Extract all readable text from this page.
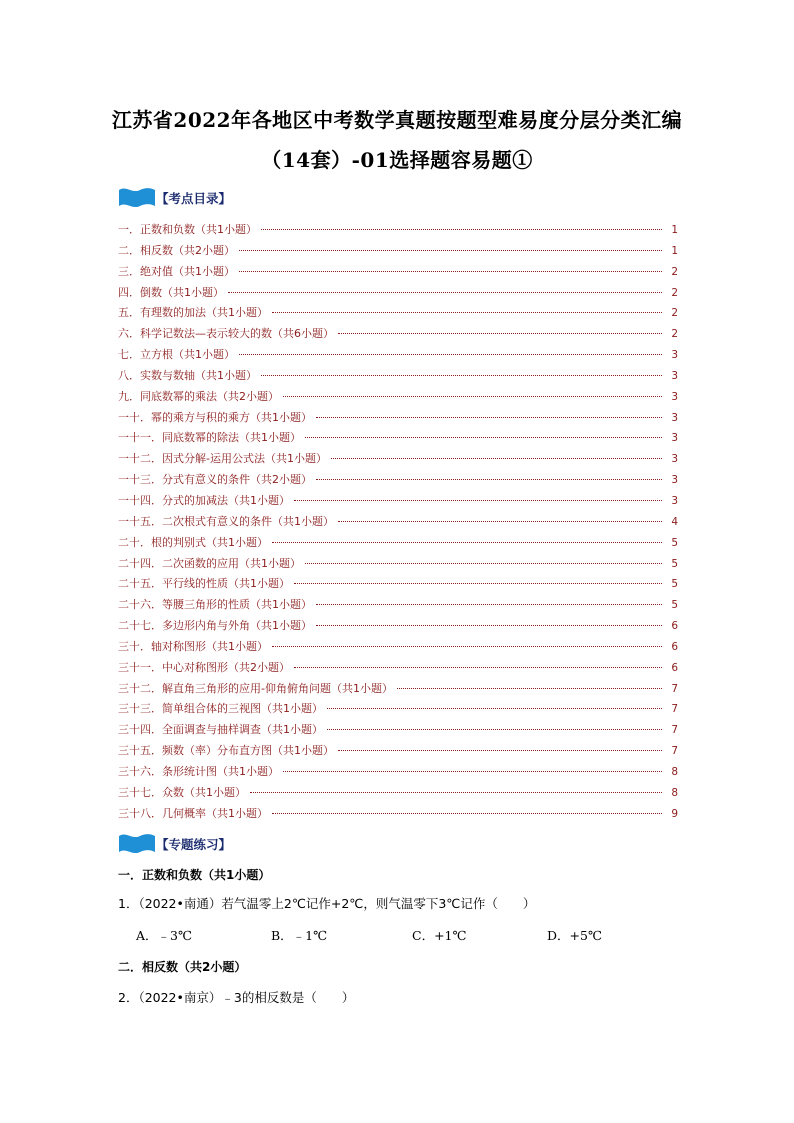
江苏省2022年各地区中考数学真题按题型难易度分层分类汇编
（14套）-01选择题容易题①
【考点目录】
一．正数和负数（共1小题）	1
二．相反数（共2小题）	1
三．绝对值（共1小题）	2
四．倒数（共1小题）	2
五．有理数的加法（共1小题）	2
六．科学记数法—表示较大的数（共6小题）	2
七．立方根（共1小题）	3
八．实数与数轴（共1小题）	3
九．同底数幂的乘法（共2小题）	3
一十．幂的乘方与积的乘方（共1小题）	3
一十一．同底数幂的除法（共1小题）	3
一十二．因式分解-运用公式法（共1小题）	3
一十三．分式有意义的条件（共2小题）	3
一十四．分式的加减法（共1小题）	3
一十五．二次根式有意义的条件（共1小题）	4
二十．根的判别式（共1小题）	5
二十四．二次函数的应用（共1小题）	5
二十五．平行线的性质（共1小题）	5
二十六．等腰三角形的性质（共1小题）	5
二十七．多边形内角与外角（共1小题）	6
三十．轴对称图形（共1小题）	6
三十一．中心对称图形（共2小题）	6
三十二．解直角三角形的应用-仰角俯角问题（共1小题）	7
三十三．简单组合体的三视图（共1小题）	7
三十四．全面调查与抽样调查（共1小题）	7
三十五．频数（率）分布直方图（共1小题）	7
三十六．条形统计图（共1小题）	8
三十七．众数（共1小题）	8
三十八．几何概率（共1小题）	9
【专题练习】
一．正数和负数（共1小题）
1．（2022•南通）若气温零上2℃记作+2℃，则气温零下3℃记作（　　）
A．﹣3℃	B．﹣1℃	C．+1℃	D．+5℃
二．相反数（共2小题）
2．（2022•南京）﹣3的相反数是（　　）
